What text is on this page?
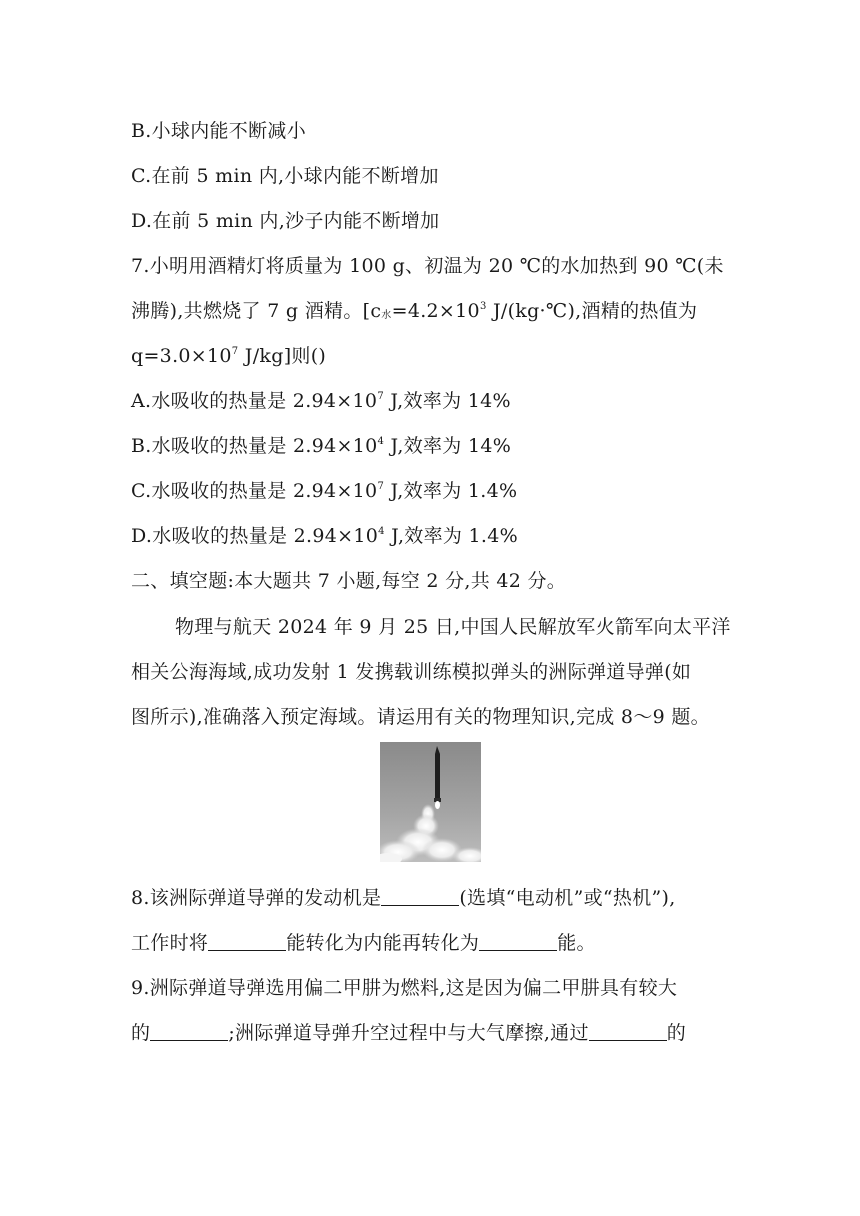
B.小球内能不断减小
C.在前 5 min 内,小球内能不断增加
D.在前 5 min 内,沙子内能不断增加
7.小明用酒精灯将质量为 100 g、初温为 20 ℃的水加热到 90 ℃(未
沸腾),共燃烧了 7 g 酒精。[$c_水=4.2\times 10^3$ J/(kg·℃),酒精的热值为
$q=3.0\times 10^7$ J/kg]则()
A.水吸收的热量是 $2.94\times 10^7$ J,效率为 14%
B.水吸收的热量是 $2.94\times 10^4$ J,效率为 14%
C.水吸收的热量是 $2.94\times 10^7$ J,效率为 1.4%
D.水吸收的热量是 $2.94\times 10^4$ J,效率为 1.4%
二、填空题:本大题共 7 小题,每空 2 分,共 42 分。
物理与航天 2024 年 9 月 25 日,中国人民解放军火箭军向太平洋
相关公海海域,成功发射 1 发携载训练模拟弹头的洲际弹道导弹(如
图所示),准确落入预定海域。请运用有关的物理知识,完成 8～9 题。
8.该洲际弹道导弹的发动机是	(选填“电动机”或“热机”),
工作时将	能转化为内能再转化为	能。
9.洲际弹道导弹选用偏二甲肼为燃料,这是因为偏二甲肼具有较大
的	;洲际弹道导弹升空过程中与大气摩擦,通过	的
